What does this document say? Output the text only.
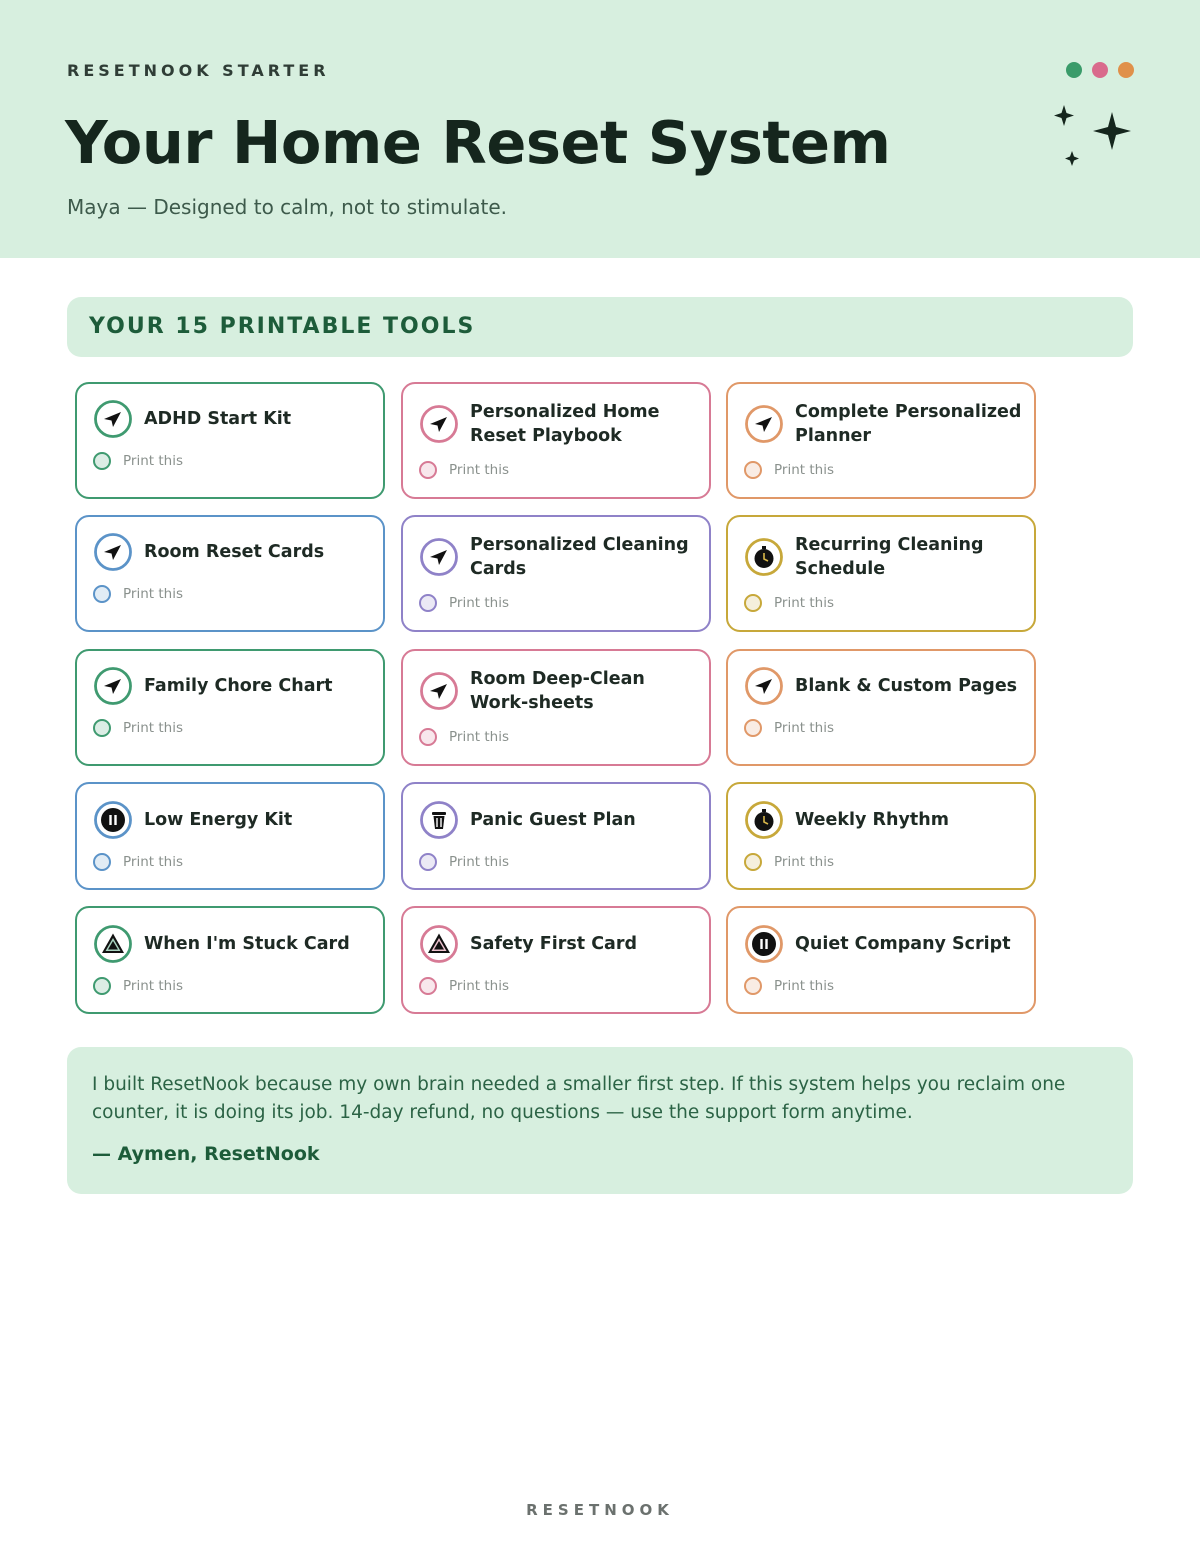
RESETNOOK STARTER
Your Home Reset System
Maya — Designed to calm, not to stimulate.
YOUR 15 PRINTABLE TOOLS
ADHD Start Kit
Print this
Personalized Home Reset Playbook
Print this
Complete Personalized Planner
Print this
Room Reset Cards
Print this
Personalized Cleaning Cards
Print this
Recurring Cleaning Schedule
Print this
Family Chore Chart
Print this
Room Deep-Clean Work-sheets
Print this
Blank & Custom Pages
Print this
Low Energy Kit
Print this
Panic Guest Plan
Print this
Weekly Rhythm
Print this
When I'm Stuck Card
Print this
Safety First Card
Print this
Quiet Company Script
Print this

I built ResetNook because my own brain needed a smaller first step. If this system helps you reclaim one counter, it is doing its job. 14-day refund, no questions — use the support form anytime.

— Aymen, ResetNook
RESETNOOK
